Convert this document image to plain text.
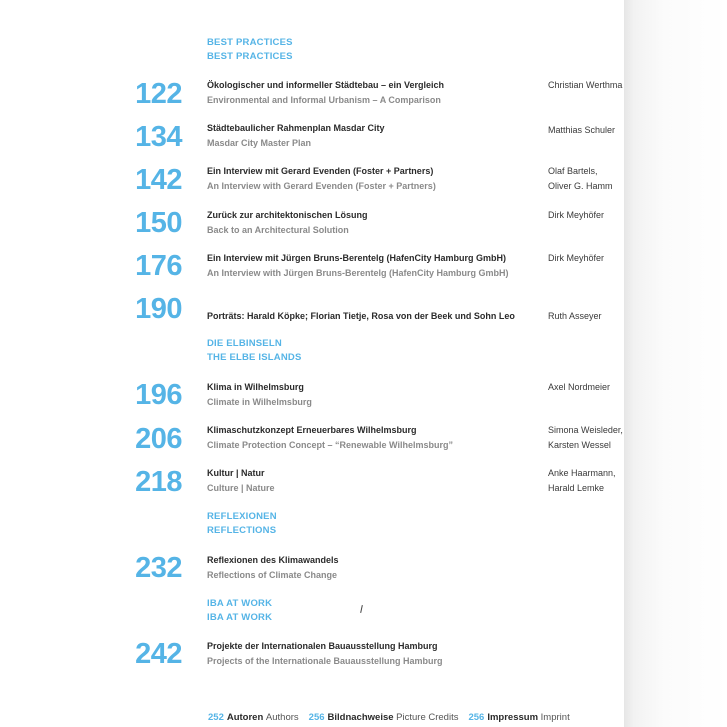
BEST PRACTICES
BEST PRACTICES
DIE ELBINSELN
THE ELBE ISLANDS
REFLEXIONEN
REFLECTIONS
IBA AT WORK
IBA AT WORK
122	Ökologischer und informeller Städtebau – ein Vergleich
Environmental and Informal Urbanism – A Comparison
Christian Werthma
134	Städtebaulicher Rahmenplan Masdar City
Masdar City Master Plan
Matthias Schuler
142	Ein Interview mit Gerard Evenden (Foster + Partners)
An Interview with Gerard Evenden (Foster + Partners)
Olaf Bartels,
Oliver G. Hamm
150	Zurück zur architektonischen Lösung
Back to an Architectural Solution
Dirk Meyhöfer
176	Ein Interview mit Jürgen Bruns-Berentelg (HafenCity Hamburg GmbH)
An Interview with Jürgen Bruns-Berentelg (HafenCity Hamburg GmbH)
Dirk Meyhöfer
190	Porträts: Harald Köpke; Florian Tietje, Rosa von der Beek und Sohn Leo	Ruth Asseyer
196	Klima in Wilhelmsburg
Climate in Wilhelmsburg
Axel Nordmeier
206	Klimaschutzkonzept Erneuerbares Wilhelmsburg
Climate Protection Concept – “Renewable Wilhelmsburg”
Simona Weisleder,
Karsten Wessel
218	Kultur | Natur
Culture | Nature
Anke Haarmann,
Harald Lemke
232	Reflexionen des Klimawandels
Reflections of Climate Change
242	Projekte der Internationalen Bauausstellung Hamburg
Projects of the Internationale Bauausstellung Hamburg
252 Autoren Authors 256 Bildnachweise Picture Credits 256 Impressum Imprint
